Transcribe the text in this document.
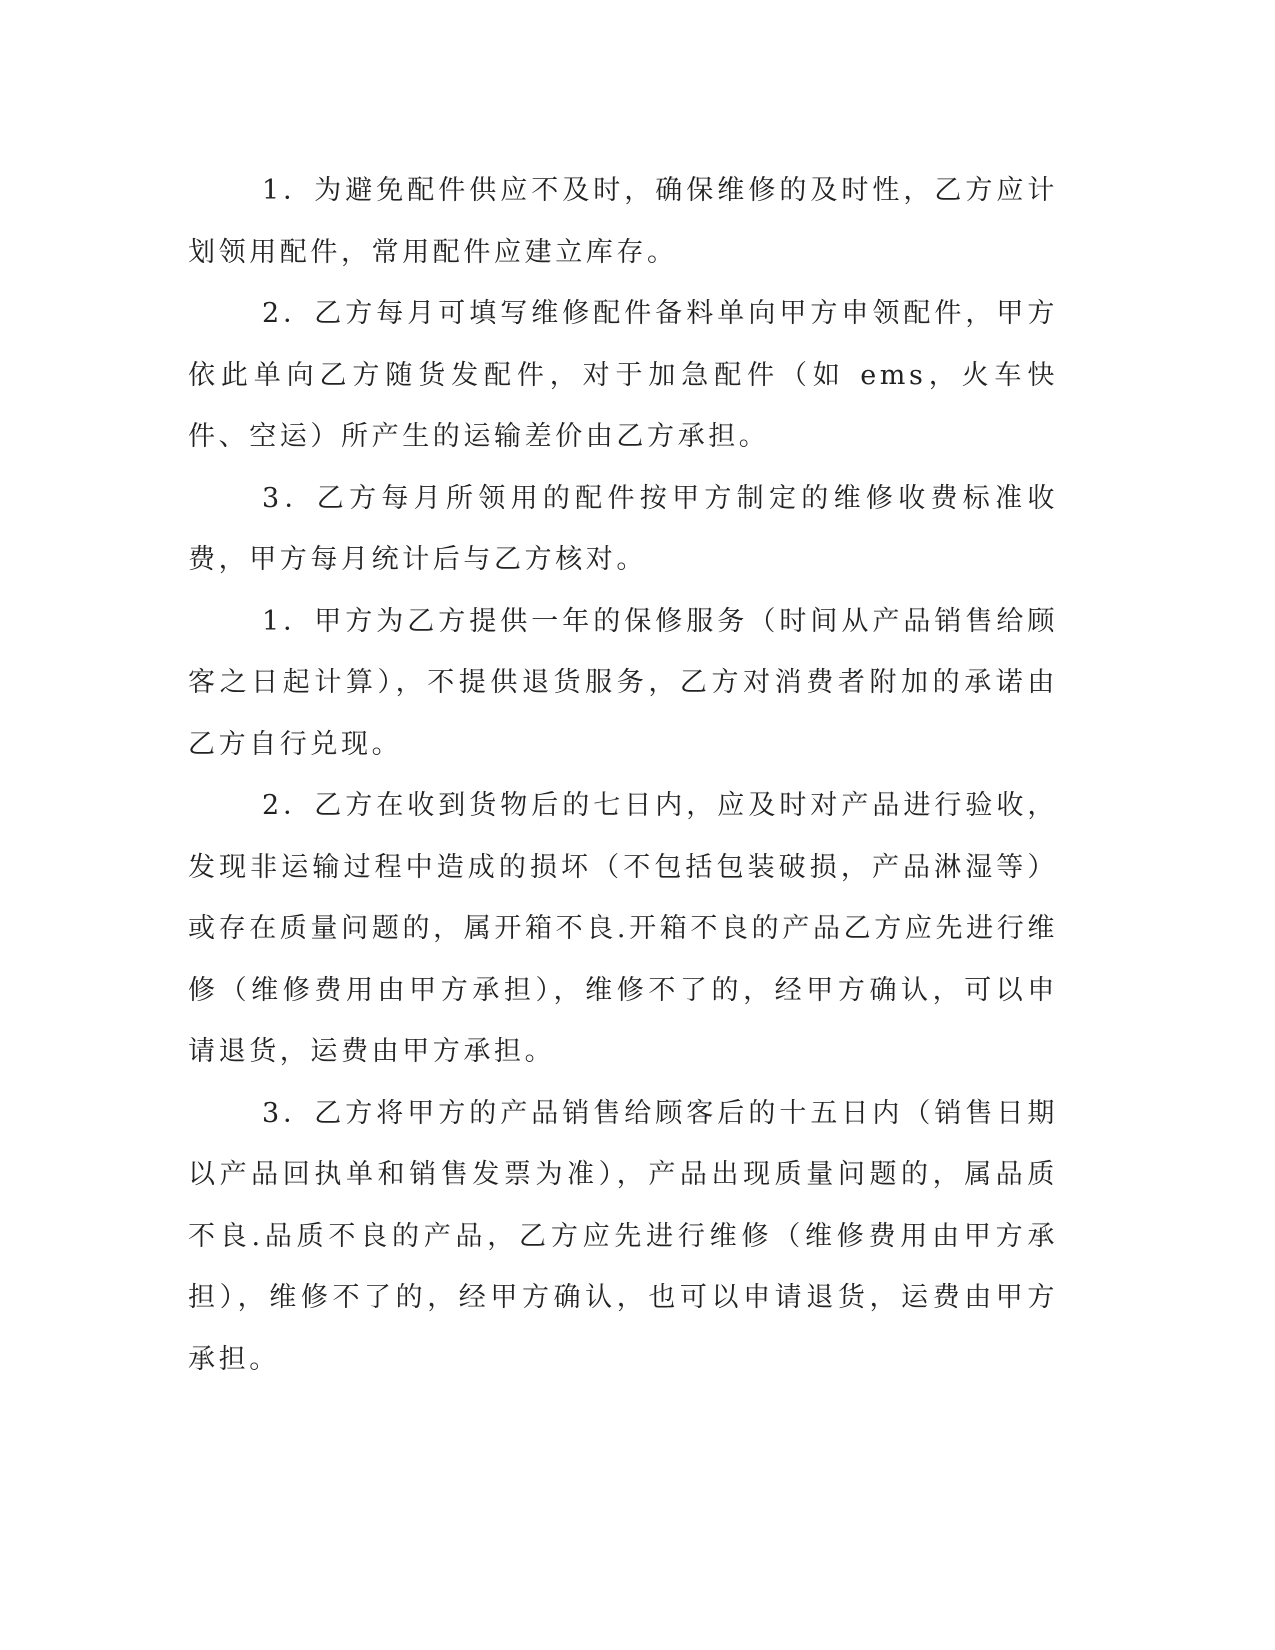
1．为避免配件供应不及时，确保维修的及时性，乙方应计划领用配件，常用配件应建立库存。

2．乙方每月可填写维修配件备料单向甲方申领配件，甲方依此单向乙方随货发配件，对于加急配件（如 ems，火车快件、空运）所产生的运输差价由乙方承担。

3．乙方每月所领用的配件按甲方制定的维修收费标准收费，甲方每月统计后与乙方核对。

1．甲方为乙方提供一年的保修服务（时间从产品销售给顾客之日起计算），不提供退货服务，乙方对消费者附加的承诺由乙方自行兑现。

2．乙方在收到货物后的七日内，应及时对产品进行验收，发现非运输过程中造成的损坏（不包括包装破损，产品淋湿等）或存在质量问题的，属开箱不良.开箱不良的产品乙方应先进行维修（维修费用由甲方承担），维修不了的，经甲方确认，可以申请退货，运费由甲方承担。

3．乙方将甲方的产品销售给顾客后的十五日内（销售日期以产品回执单和销售发票为准），产品出现质量问题的，属品质不良.品质不良的产品，乙方应先进行维修（维修费用由甲方承担），维修不了的，经甲方确认，也可以申请退货，运费由甲方承担。
